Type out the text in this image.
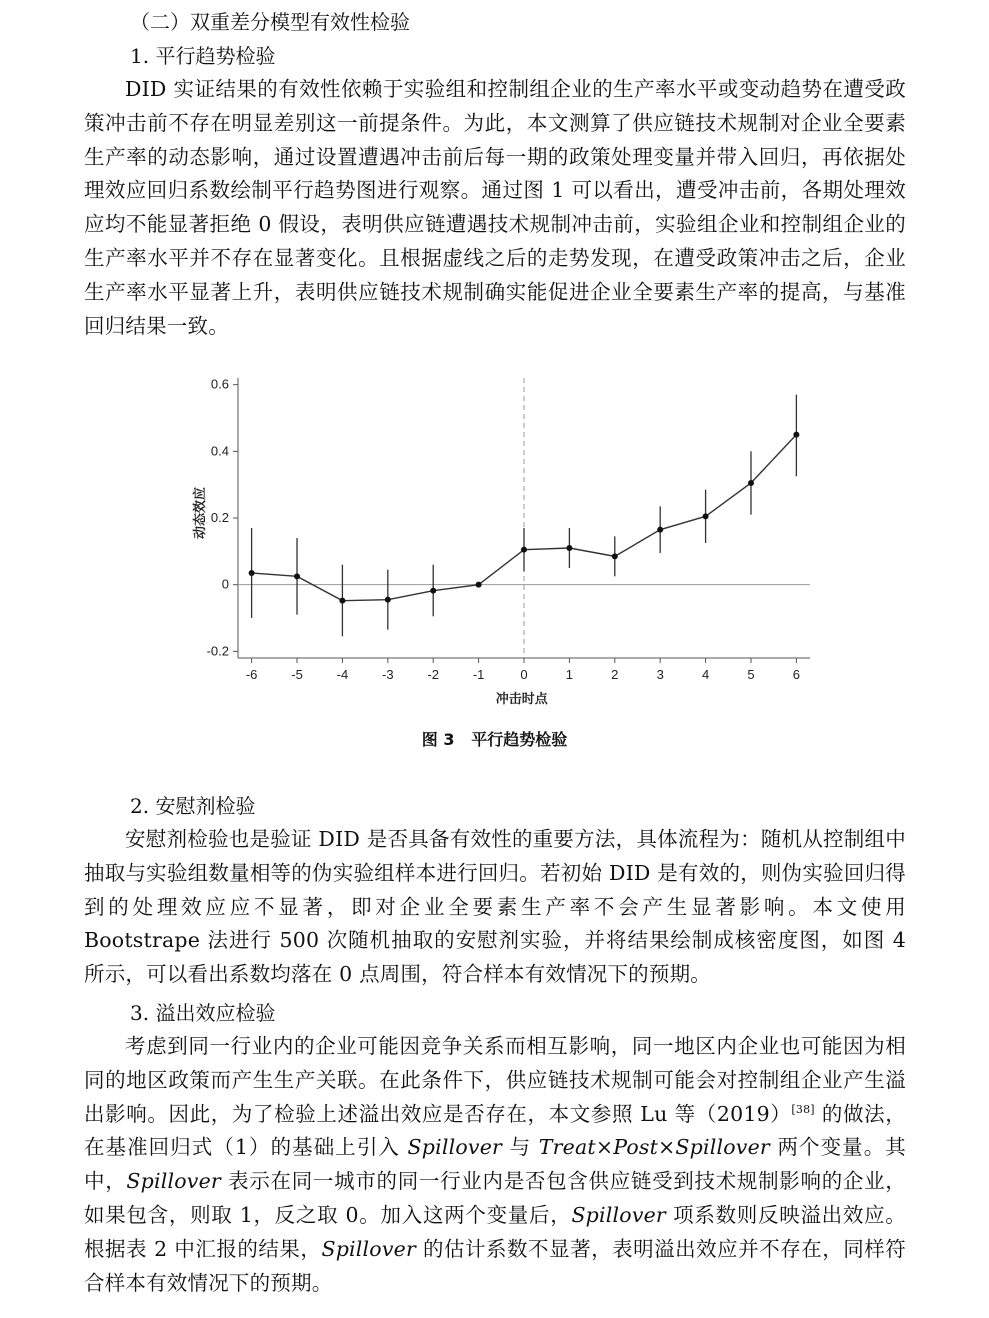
（二）双重差分模型有效性检验
1. 平行趋势检验

DID 实证结果的有效性依赖于实验组和控制组企业的生产率水平或变动趋势在遭受政策冲击前不存在明显差别这一前提条件。为此，本文测算了供应链技术规制对企业全要素生产率的动态影响，通过设置遭遇冲击前后每一期的政策处理变量并带入回归，再依据处理效应回归系数绘制平行趋势图进行观察。通过图 1 可以看出，遭受冲击前，各期处理效应均不能显著拒绝 0 假设，表明供应链遭遇技术规制冲击前，实验组企业和控制组企业的生产率水平并不存在显著变化。且根据虚线之后的走势发现，在遭受政策冲击之后，企业生产率水平显著上升，表明供应链技术规制确实能促进企业全要素生产率的提高，与基准回归结果一致。

-0.2
0
0.2
0.4
0.6
-6	-5	-4	-3	-2	-1	0	1	2	3	4	5	6
冲击时点
动态效应
图 3   平行趋势检验
2. 安慰剂检验

安慰剂检验也是验证 DID 是否具备有效性的重要方法，具体流程为：随机从控制组中抽取与实验组数量相等的伪实验组样本进行回归。若初始 DID 是有效的，则伪实验回归得到的处理效应应不显著，即对企业全要素生产率不会产生显著影响。本文使用 Bootstrape 法进行 500 次随机抽取的安慰剂实验，并将结果绘制成核密度图，如图 4 所示，可以看出系数均落在 0 点周围，符合样本有效情况下的预期。

3. 溢出效应检验

考虑到同一行业内的企业可能因竞争关系而相互影响，同一地区内企业也可能因为相同的地区政策而产生生产关联。在此条件下，供应链技术规制可能会对控制组企业产生溢出影响。因此，为了检验上述溢出效应是否存在，本文参照 Lu 等（2019）[38] 的做法，在基准回归式（1）的基础上引入 Spillover 与 Treat×Post×Spillover 两个变量。其中，Spillover 表示在同一城市的同一行业内是否包含供应链受到技术规制影响的企业，如果包含，则取 1，反之取 0。加入这两个变量后，Spillover 项系数则反映溢出效应。根据表 2 中汇报的结果，Spillover 的估计系数不显著，表明溢出效应并不存在，同样符合样本有效情况下的预期。
